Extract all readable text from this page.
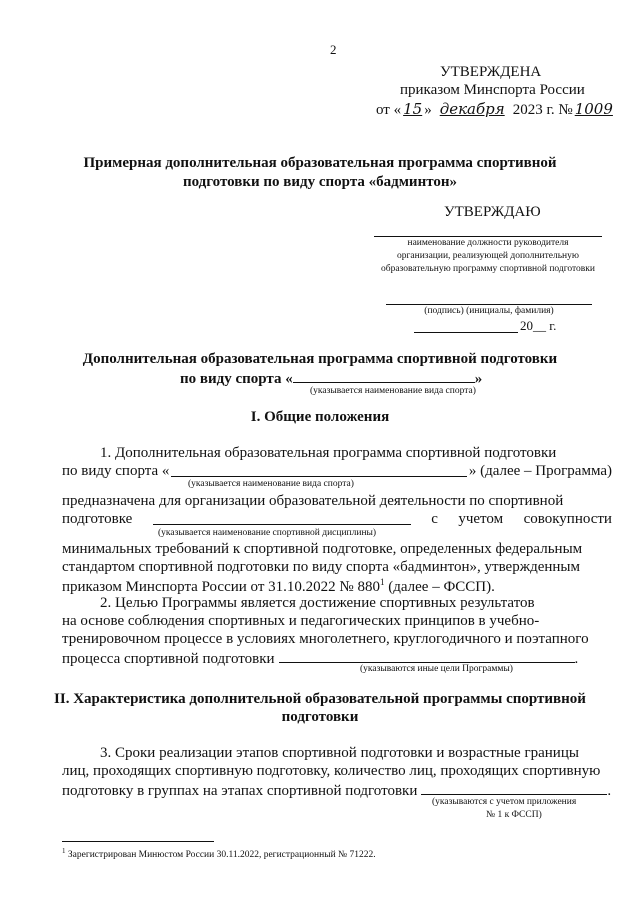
2
УТВЕРЖДЕНА
приказом Минспорта России
от « 15 » декабря 2023 г. № 1009
Примерная дополнительная образовательная программа спортивной
подготовки по виду спорта «бадминтон»
УТВЕРЖДАЮ
наименование должности руководителя
организации, реализующей дополнительную
образовательную программу спортивной подготовки
(подпись) (инициалы, фамилия)
20__ г.
Дополнительная образовательная программа спортивной подготовки
по виду спорта «	»
(указывается наименование вида спорта)
I. Общие положения
1. Дополнительная образовательная программа спортивной подготовки
по виду спорта «	» (далее – Программа)
(указывается наименование вида спорта)
предназначена для организации образовательной деятельности по спортивной
подготовке	с учетом совокупности
(указывается наименование спортивной дисциплины)
минимальных требований к спортивной подготовке, определенных федеральным
стандартом спортивной подготовки по виду спорта «бадминтон», утвержденным
приказом Минспорта России от 31.10.2022 № $880^1$ (далее – ФССП).
2. Целью Программы является достижение спортивных результатов
на основе соблюдения спортивных и педагогических принципов в учебно-
тренировочном процессе в условиях многолетнего, круглогодичного и поэтапного
процесса спортивной подготовки	.
(указываются иные цели Программы)
II. Характеристика дополнительной образовательной программы спортивной
подготовки
3. Сроки реализации этапов спортивной подготовки и возрастные границы
лиц, проходящих спортивную подготовку, количество лиц, проходящих спортивную
подготовку в группах на этапах спортивной подготовки	.
(указываются с учетом приложения
№ 1 к ФССП)
$^1$ Зарегистрирован Минюстом России 30.11.2022, регистрационный № 71222.
